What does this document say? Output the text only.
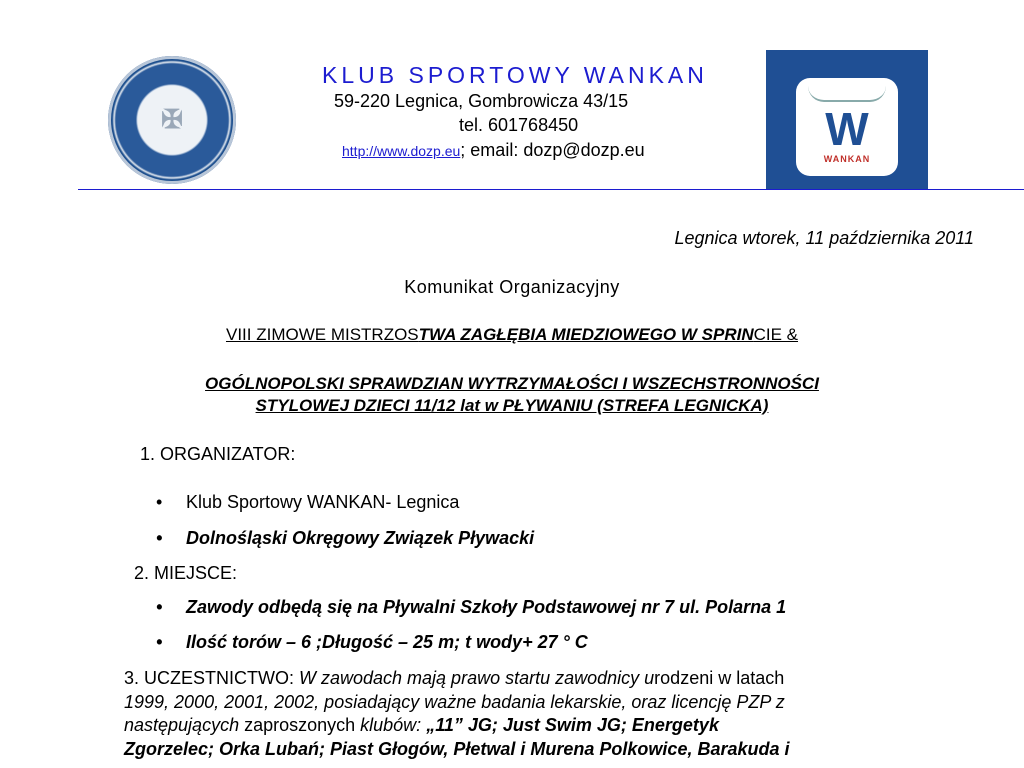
✠
KLUB SPORTOWY WANKAN
59-220 Legnica, Gombrowicza 43/15
tel. 601768450
http://www.dozp.eu; email: dozp@dozp.eu	W
WANKAN
Legnica wtorek, 11 października 2011
Komunikat Organizacyjny
VIII ZIMOWE MISTRZOSTWA ZAGŁĘBIA MIEDZIOWEGO W SPRINCIE &
OGÓLNOPOLSKI SPRAWDZIAN WYTRZYMAŁOŚCI I WSZECHSTRONNOŚCI
STYLOWEJ DZIECI 11/12 lat w PŁYWANIU (STREFA LEGNICKA)
1. ORGANIZATOR:
• Klub Sportowy WANKAN- Legnica
• Dolnośląski Okręgowy Związek Pływacki
2. MIEJSCE:
• Zawody odbędą się na Pływalni Szkoły Podstawowej nr 7 ul. Polarna 1
• Ilość torów – 6 ;Długość – 25 m; t wody+ 27 ° C
3. UCZESTNICTWO: W zawodach mają prawo startu zawodnicy urodzeni w latach
1999, 2000, 2001, 2002, posiadający ważne badania lekarskie, oraz licencję PZP z
następujących zaproszonych klubów: „11” JG; Just Swim JG; Energetyk
Zgorzelec; Orka Lubań; Piast Głogów, Płetwal i Murena Polkowice, Barakuda i
